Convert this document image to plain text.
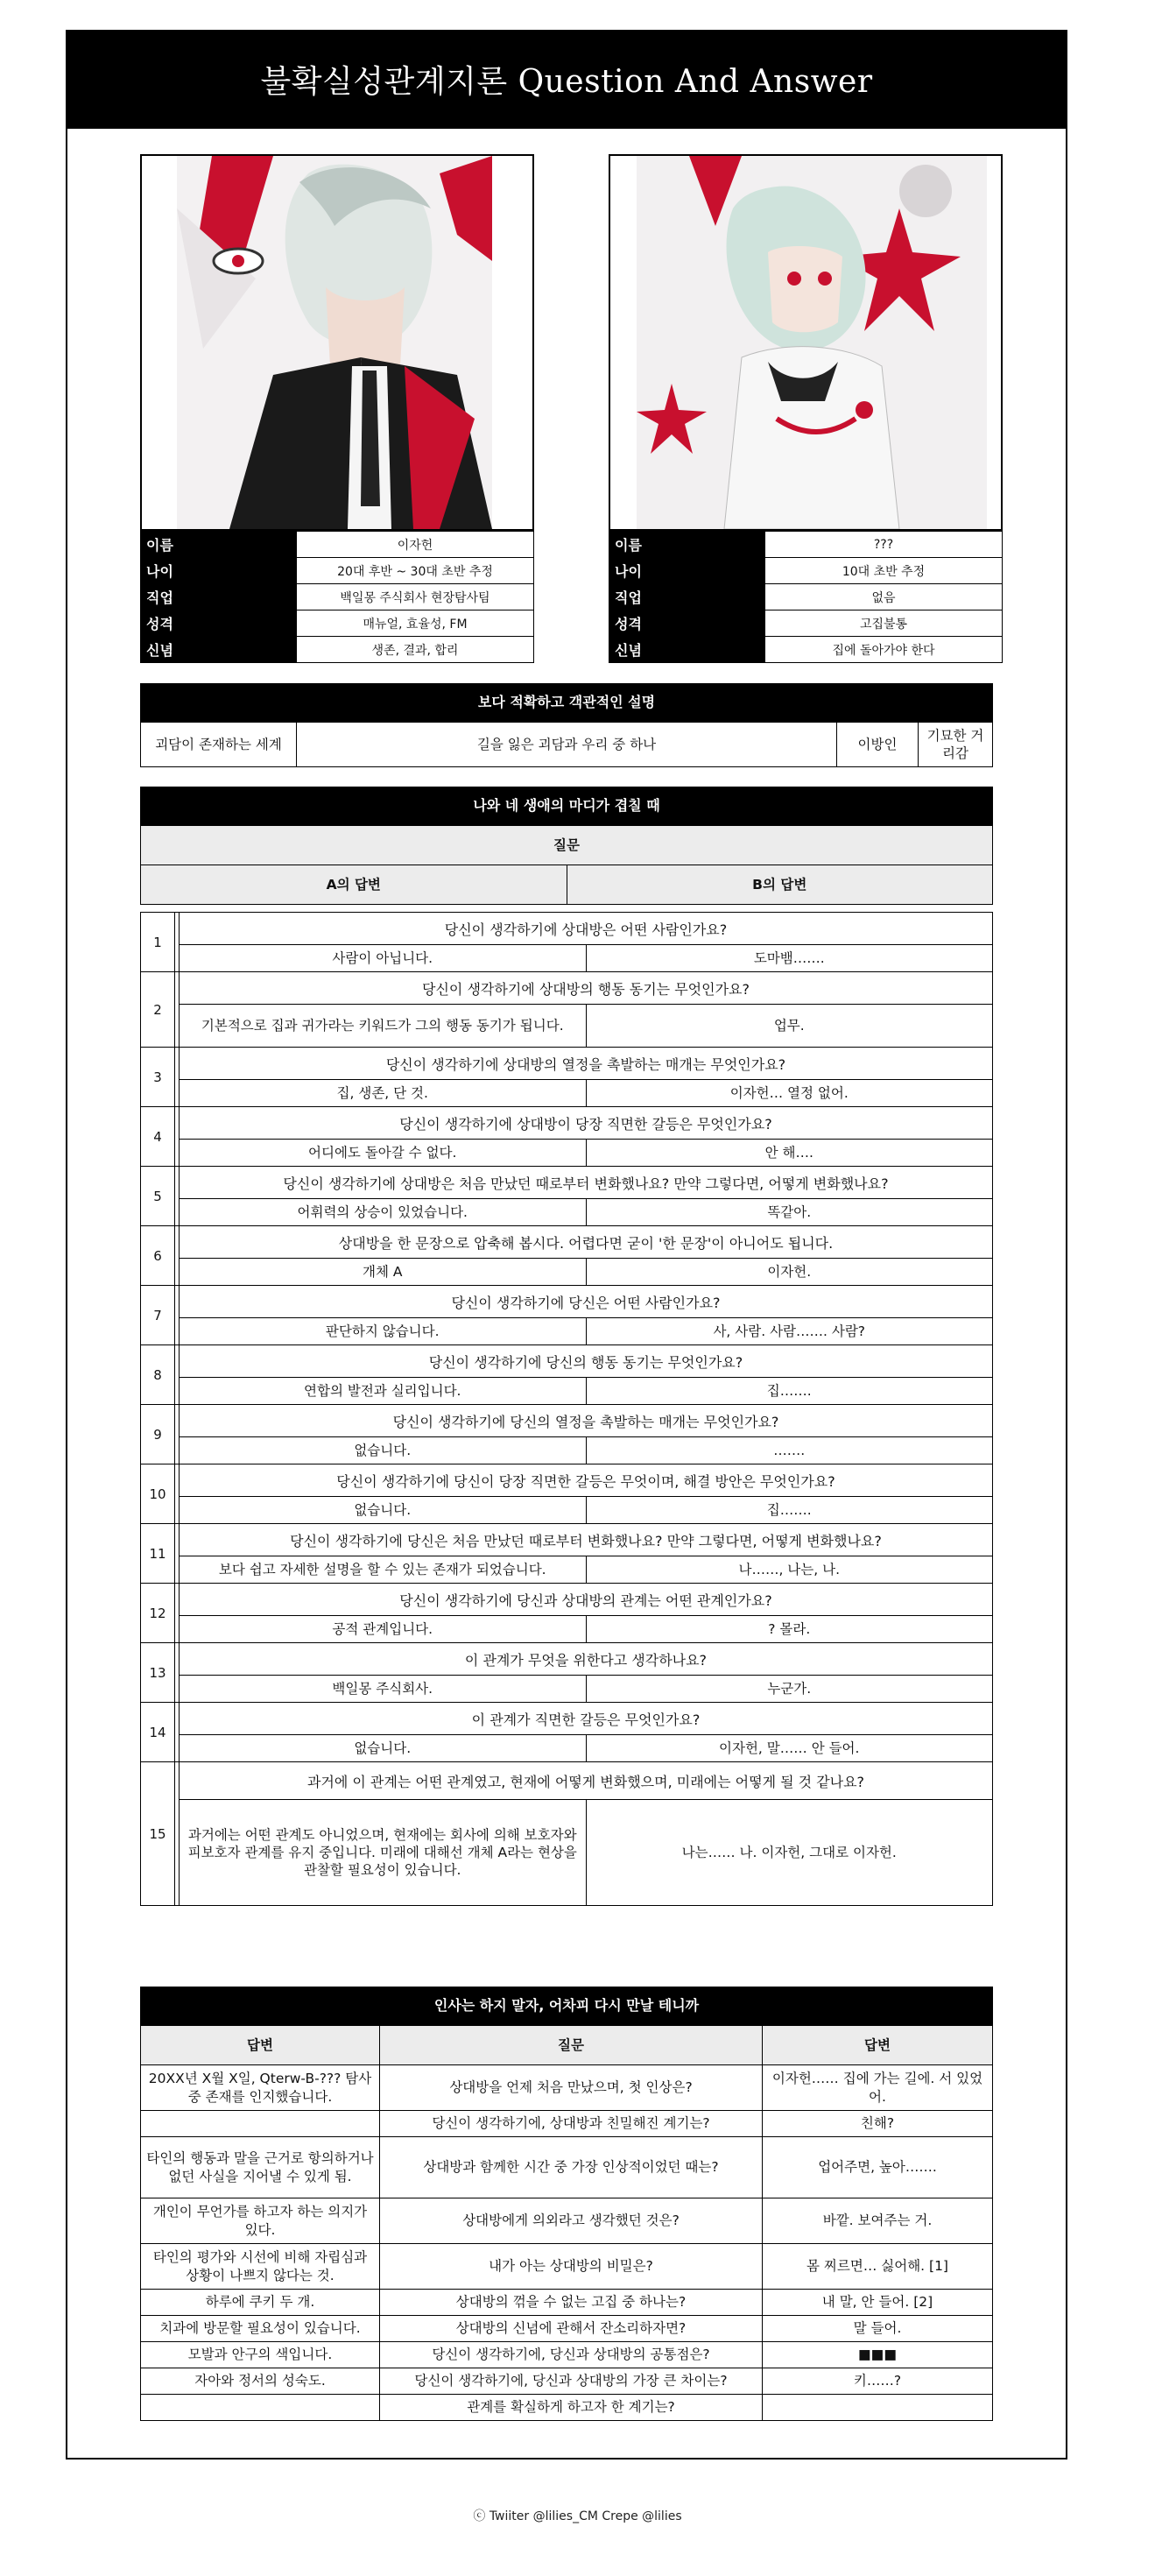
불확실성관계지론 Question And Answer
이름	이자헌
나이	20대 후반 ~ 30대 초반 추정
직업	백일몽 주식회사 현장탐사팀
성격	매뉴얼, 효율성, FM
신념	생존, 결과, 합리
이름	???
나이	10대 초반 추정
직업	없음
성격	고집불통
신념	집에 돌아가야 한다
보다 적확하고 객관적인 설명
괴담이 존재하는 세계	길을 잃은 괴담과 우리 중 하나	이방인	기묘한 거리감
나와 네 생애의 마디가 겹칠 때
질문
A의 답변	B의 답변
1
당신이 생각하기에 상대방은 어떤 사람인가요?
사람이 아닙니다.	도마뱀…….
2
당신이 생각하기에 상대방의 행동 동기는 무엇인가요?
기본적으로 집과 귀가라는 키워드가 그의 행동 동기가 됩니다.	업무.
3
당신이 생각하기에 상대방의 열정을 촉발하는 매개는 무엇인가요?
집, 생존, 단 것.	이자헌… 열정 없어.
4
당신이 생각하기에 상대방이 당장 직면한 갈등은 무엇인가요?
어디에도 돌아갈 수 없다.	안 해….
5
당신이 생각하기에 상대방은 처음 만났던 때로부터 변화했나요? 만약 그렇다면, 어떻게 변화했나요?
어휘력의 상승이 있었습니다.	똑같아.
6
상대방을 한 문장으로 압축해 봅시다. 어렵다면 굳이 '한 문장'이 아니어도 됩니다.
개체 A	이자헌.
7
당신이 생각하기에 당신은 어떤 사람인가요?
판단하지 않습니다.	사, 사람. 사람……. 사람?
8
당신이 생각하기에 당신의 행동 동기는 무엇인가요?
연합의 발전과 실리입니다.	집…….
9
당신이 생각하기에 당신의 열정을 촉발하는 매개는 무엇인가요?
없습니다.	…….
10
당신이 생각하기에 당신이 당장 직면한 갈등은 무엇이며, 해결 방안은 무엇인가요?
없습니다.	집…….
11
당신이 생각하기에 당신은 처음 만났던 때로부터 변화했나요? 만약 그렇다면, 어떻게 변화했나요?
보다 쉽고 자세한 설명을 할 수 있는 존재가 되었습니다.	나……, 나는, 나.
12
당신이 생각하기에 당신과 상대방의 관계는 어떤 관계인가요?
공적 관계입니다.	? 몰라.
13
이 관계가 무엇을 위한다고 생각하나요?
백일몽 주식회사.	누군가.
14
이 관계가 직면한 갈등은 무엇인가요?
없습니다.	이자헌, 말…… 안 들어.
15
과거에 이 관계는 어떤 관계였고, 현재에 어떻게 변화했으며, 미래에는 어떻게 될 것 같나요?
과거에는 어떤 관계도 아니었으며, 현재에는 회사에 의해 보호자와 피보호자 관계를 유지 중입니다. 미래에 대해선 개체 A라는 현상을 관찰할 필요성이 있습니다.
나는…… 나. 이자헌, 그대로 이자헌.
인사는 하지 말자, 어차피 다시 만날 테니까
답변	질문	답변
20XX년 X월 X일, Qterw-B-??? 탐사 중 존재를 인지했습니다.	상대방을 언제 처음 만났으며, 첫 인상은?	이자헌…… 집에 가는 길에. 서 있었어.
	당신이 생각하기에, 상대방과 친밀해진 계기는?	친해?
타인의 행동과 말을 근거로 항의하거나 없던 사실을 지어낼 수 있게 됨.	상대방과 함께한 시간 중 가장 인상적이었던 때는?	업어주면, 높아…….
개인이 무언가를 하고자 하는 의지가 있다.	상대방에게 의외라고 생각했던 것은?	바깥. 보여주는 거.
타인의 평가와 시선에 비해 자립심과 상황이 나쁘지 않다는 것.	내가 아는 상대방의 비밀은?	몸 찌르면… 싫어해. [1]
하루에 쿠키 두 개.	상대방의 꺾을 수 없는 고집 중 하나는?	내 말, 안 들어. [2]
치과에 방문할 필요성이 있습니다.	상대방의 신념에 관해서 잔소리하자면?	말 들어.
모발과 안구의 색입니다.	당신이 생각하기에, 당신과 상대방의 공통점은?	■■■
자아와 정서의 성숙도.	당신이 생각하기에, 당신과 상대방의 가장 큰 차이는?	키……?
	관계를 확실하게 하고자 한 계기는?	
ⓒ Twiiter @lilies_CM Crepe @lilies
